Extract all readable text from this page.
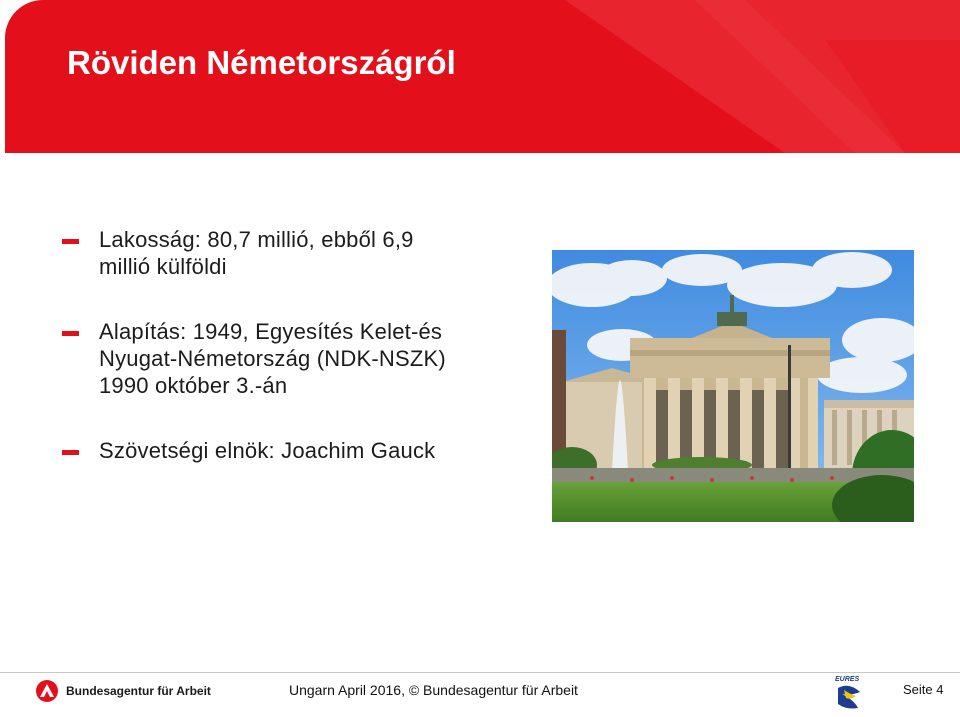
Röviden Németországról
Lakosság: 80,7 millió, ebből 6,9
millió külföldi
Alapítás: 1949, Egyesítés Kelet-és
Nyugat-Németország (NDK-NSZK)
1990 október 3.-án
Szövetségi elnök: Joachim Gauck
Bundesagentur für Arbeit	Ungarn April 2016, © Bundesagentur für Arbeit
EURES
Seite 4
